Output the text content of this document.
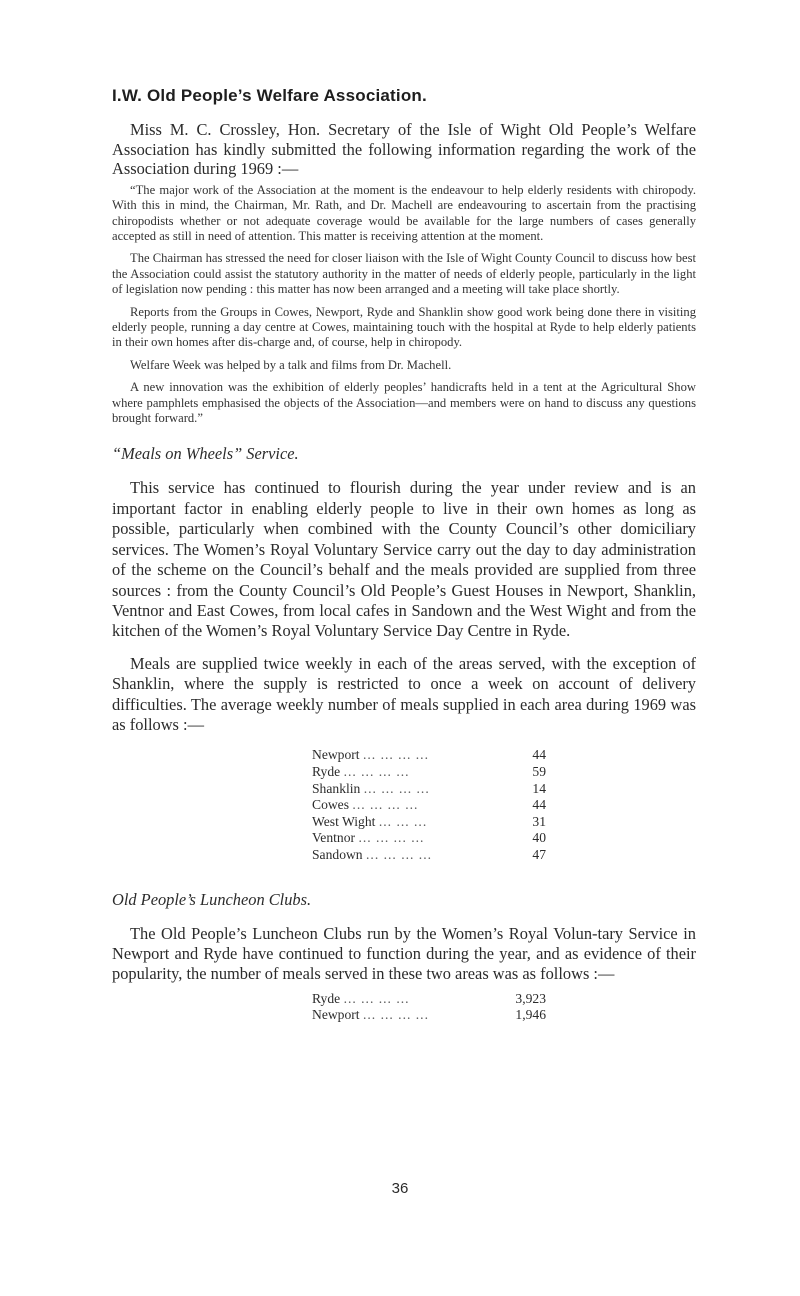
I.W. Old People’s Welfare Association.

Miss M. C. Crossley, Hon. Secretary of the Isle of Wight Old People’s Welfare Association has kindly submitted the following information regarding the work of the Association during 1969 :—

“The major work of the Association at the moment is the endeavour to help elderly residents with chiropody. With this in mind, the Chairman, Mr. Rath, and Dr. Machell are endeavouring to ascertain from the practising chiropodists whether or not adequate coverage would be available for the large numbers of cases generally accepted as still in need of attention. This matter is receiving attention at the moment.

The Chairman has stressed the need for closer liaison with the Isle of Wight County Council to discuss how best the Association could assist the statutory authority in the matter of needs of elderly people, particularly in the light of legislation now pending : this matter has now been arranged and a meeting will take place shortly.

Reports from the Groups in Cowes, Newport, Ryde and Shanklin show good work being done there in visiting elderly people, running a day centre at Cowes, maintaining touch with the hospital at Ryde to help elderly patients in their own homes after dis-charge and, of course, help in chiropody.

Welfare Week was helped by a talk and films from Dr. Machell.

A new innovation was the exhibition of elderly peoples’ handicrafts held in a tent at the Agricultural Show where pamphlets emphasised the objects of the Association—and members were on hand to discuss any questions brought forward.”

“Meals on Wheels” Service.

This service has continued to flourish during the year under review and is an important factor in enabling elderly people to live in their own homes as long as possible, particularly when combined with the County Council’s other domiciliary services. The Women’s Royal Voluntary Service carry out the day to day administration of the scheme on the Council’s behalf and the meals provided are supplied from three sources : from the County Council’s Old People’s Guest Houses in Newport, Shanklin, Ventnor and East Cowes, from local cafes in Sandown and the West Wight and from the kitchen of the Women’s Royal Voluntary Service Day Centre in Ryde.

Meals are supplied twice weekly in each of the areas served, with the exception of Shanklin, where the supply is restricted to once a week on account of delivery difficulties. The average weekly number of meals supplied in each area during 1969 was as follows :—

Newport ... ... ... ...	44
Ryde ... ... ... ...	59
Shanklin ... ... ... ...	14
Cowes ... ... ... ...	44
West Wight ... ... ...	31
Ventnor ... ... ... ...	40
Sandown ... ... ... ...	47
Old People’s Luncheon Clubs.

The Old People’s Luncheon Clubs run by the Women’s Royal Volun-tary Service in Newport and Ryde have continued to function during the year, and as evidence of their popularity, the number of meals served in these two areas was as follows :—

Ryde ... ... ... ...	3,923
Newport ... ... ... ...	1,946
36
